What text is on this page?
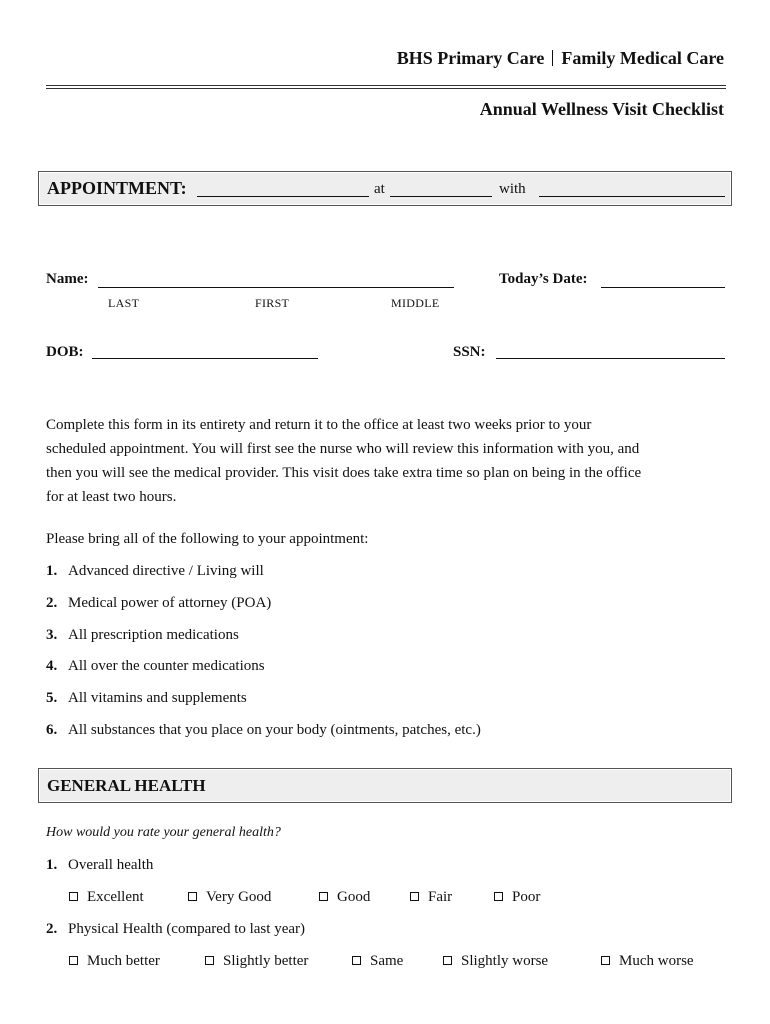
BHS Primary Care Family Medical Care
Annual Wellness Visit Checklist
APPOINTMENT:	at	with
Name:	Today’s Date:
LAST	FIRST	MIDDLE
DOB:	SSN:
Complete this form in its entirety and return it to the office at least two weeks prior to your
scheduled appointment. You will first see the nurse who will review this information with you, and
then you will see the medical provider. This visit does take extra time so plan on being in the office
for at least two hours.
Please bring all of the following to your appointment:
1. Advanced directive / Living will
2. Medical power of attorney (POA)
3. All prescription medications
4. All over the counter medications
5. All vitamins and supplements
6. All substances that you place on your body (ointments, patches, etc.)
GENERAL HEALTH
How would you rate your general health?
1. Overall health
Excellent	Very Good	Good	Fair	Poor
2. Physical Health (compared to last year)
Much better	Slightly better	Same	Slightly worse	Much worse
